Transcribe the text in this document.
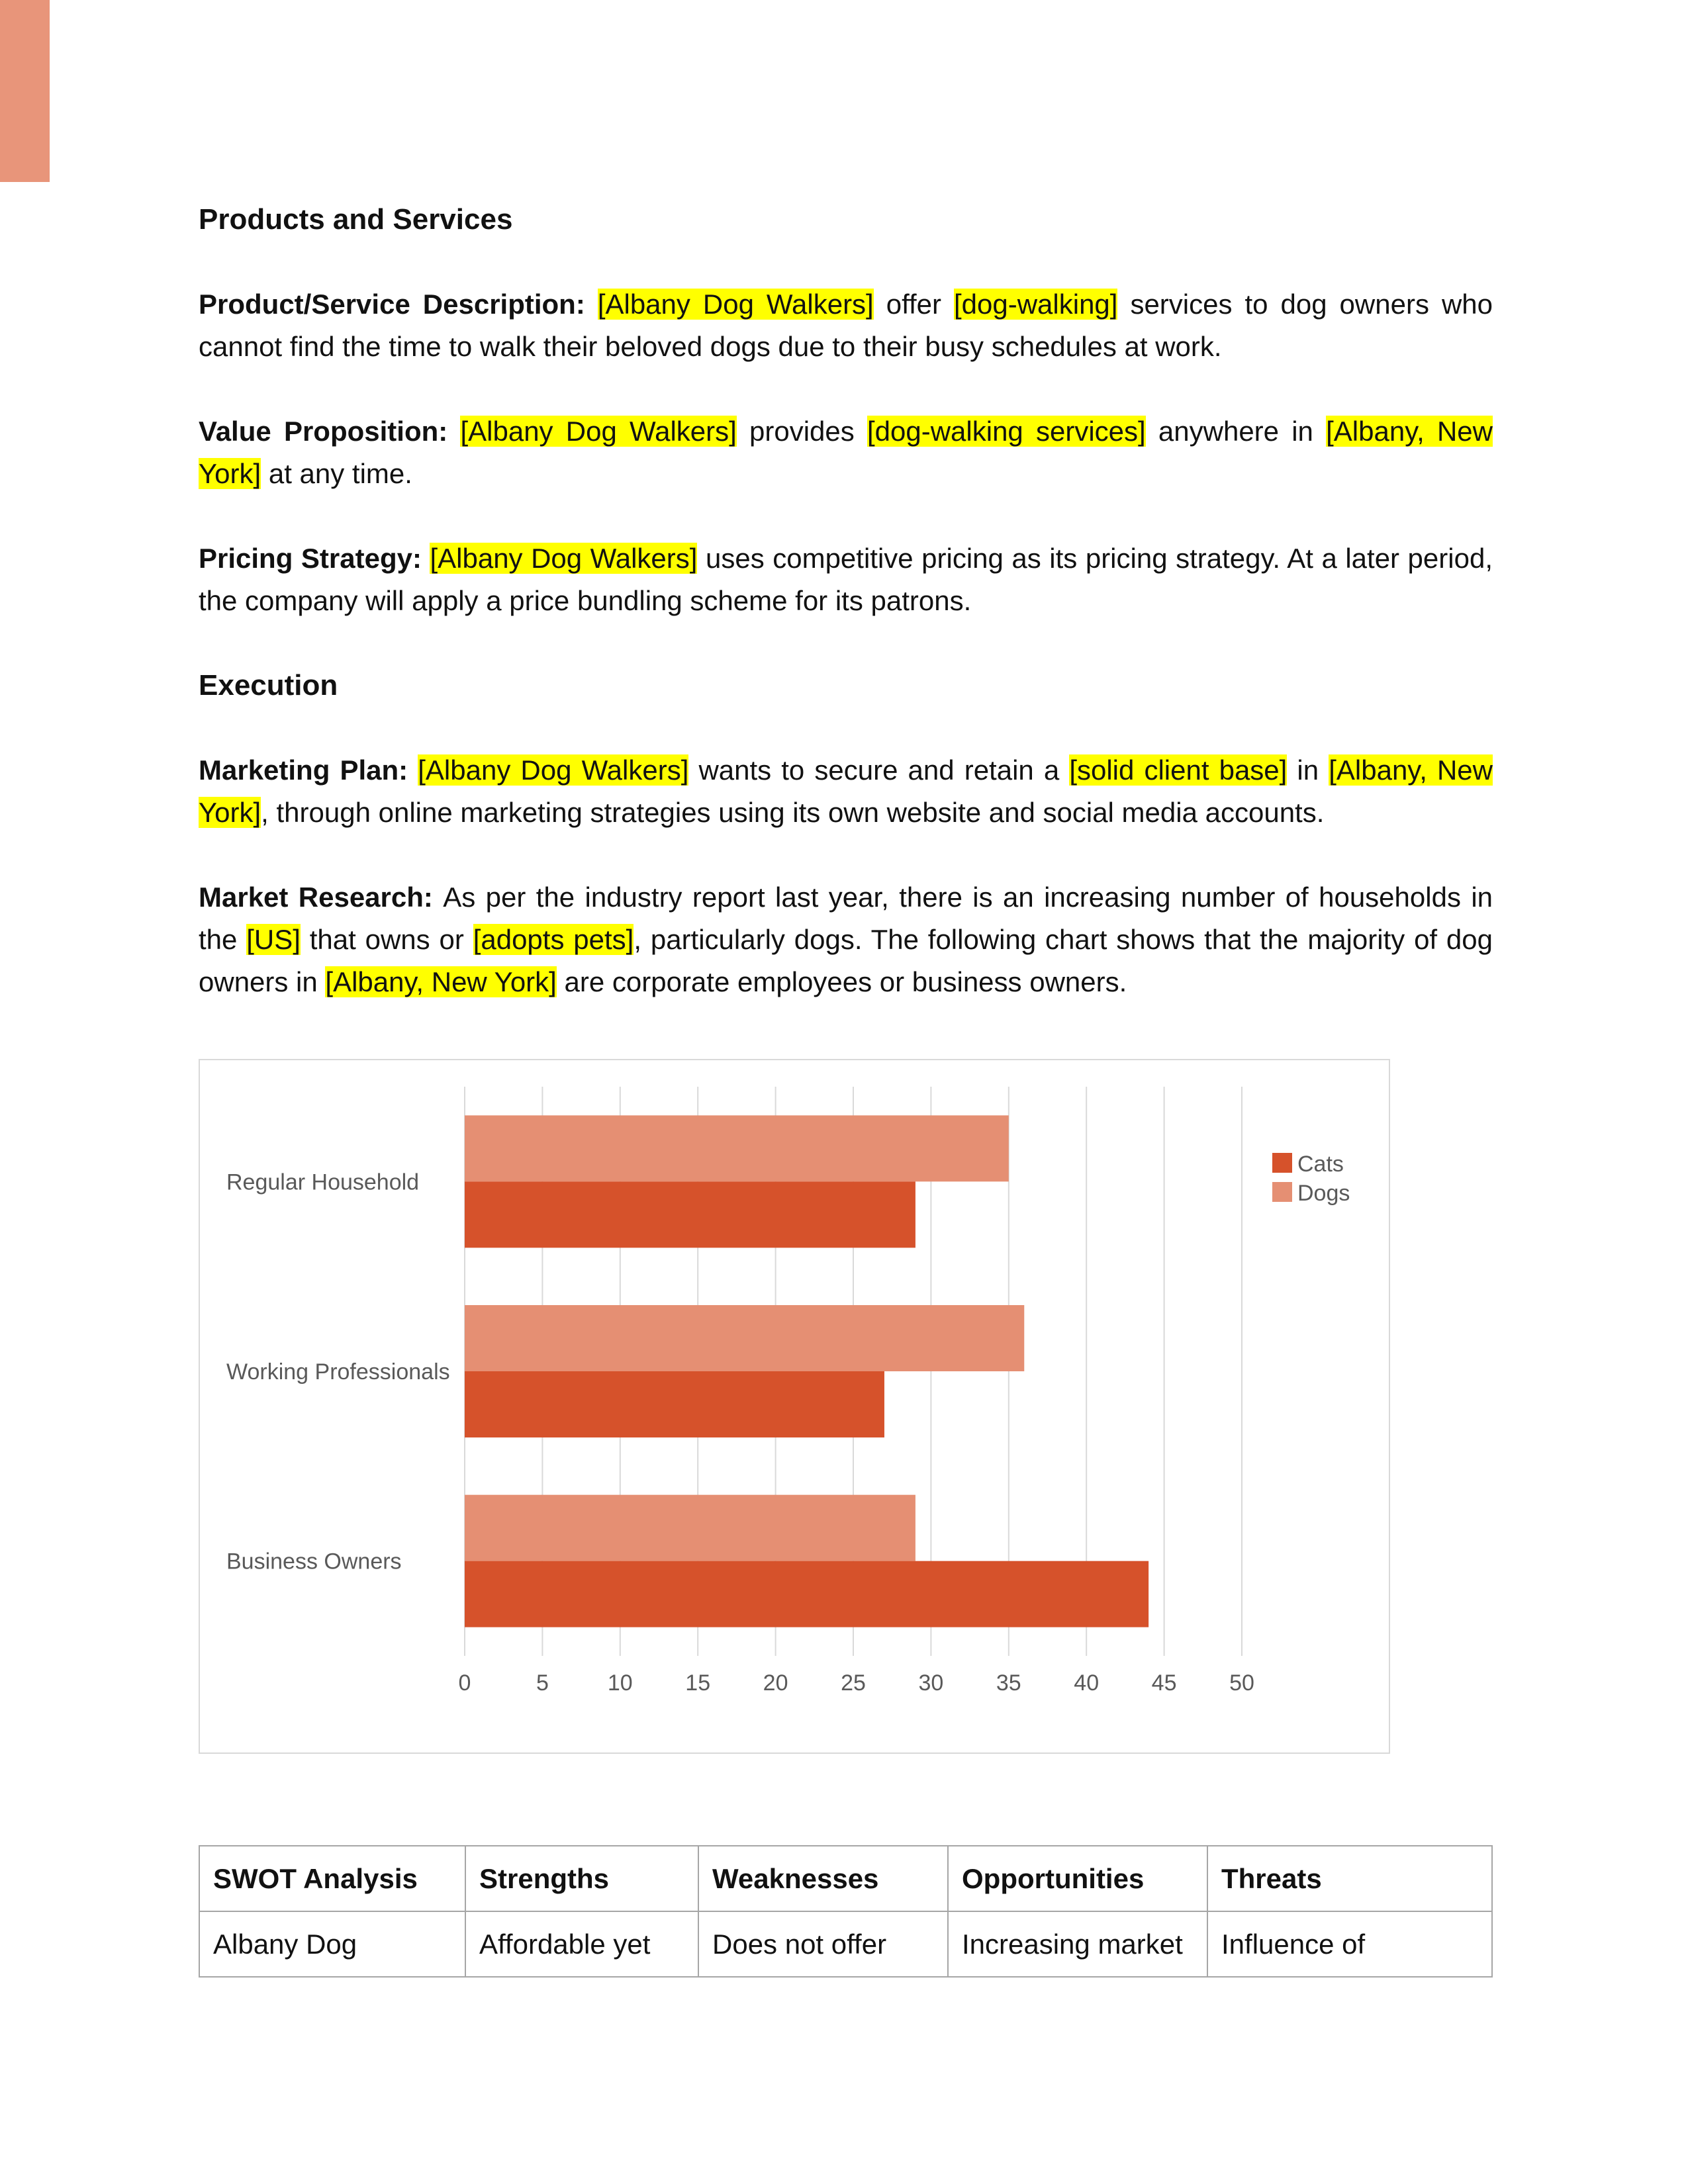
Products and Services

Product/Service Description: [Albany Dog Walkers] offer [dog-walking] services to dog owners who cannot find the time to walk their beloved dogs due to their busy schedules at work.

Value Proposition: [Albany Dog Walkers] provides [dog-walking services] anywhere in [Albany, New York] at any time.

Pricing Strategy: [Albany Dog Walkers] uses competitive pricing as its pricing strategy. At a later period, the company will apply a price bundling scheme for its patrons.

Execution

Marketing Plan: [Albany Dog Walkers] wants to secure and retain a [solid client base] in [Albany, New York], through online marketing strategies using its own website and social media accounts.

Market Research: As per the industry report last year, there is an increasing number of households in the [US] that owns or [adopts pets], particularly dogs. The following chart shows that the majority of dog owners in [Albany, New York] are corporate employees or business owners.

Regular Household
Working Professionals
Business Owners
0	5	10 15 20 25 30 35 40 45 50
Cats
Dogs
SWOT Analysis	Strengths	Weaknesses	Opportunities	Threats
Albany Dog	Affordable yet	Does not offer	Increasing market	Influence of
